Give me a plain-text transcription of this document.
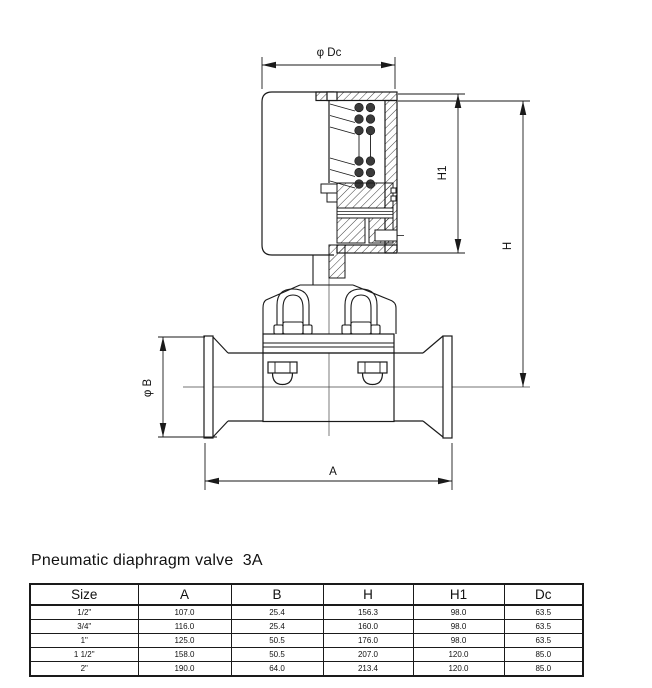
φ Dc
H1
H
φ B
A
Pneumatic diaphragm valve  3A
Size	A	B	H	H1	Dc
1/2"	107.0	25.4	156.3	98.0	63.5
3/4"	116.0	25.4	160.0	98.0	63.5
1"	125.0	50.5	176.0	98.0	63.5
1 1/2"	158.0	50.5	207.0	120.0	85.0
2"	190.0	64.0	213.4	120.0	85.0
